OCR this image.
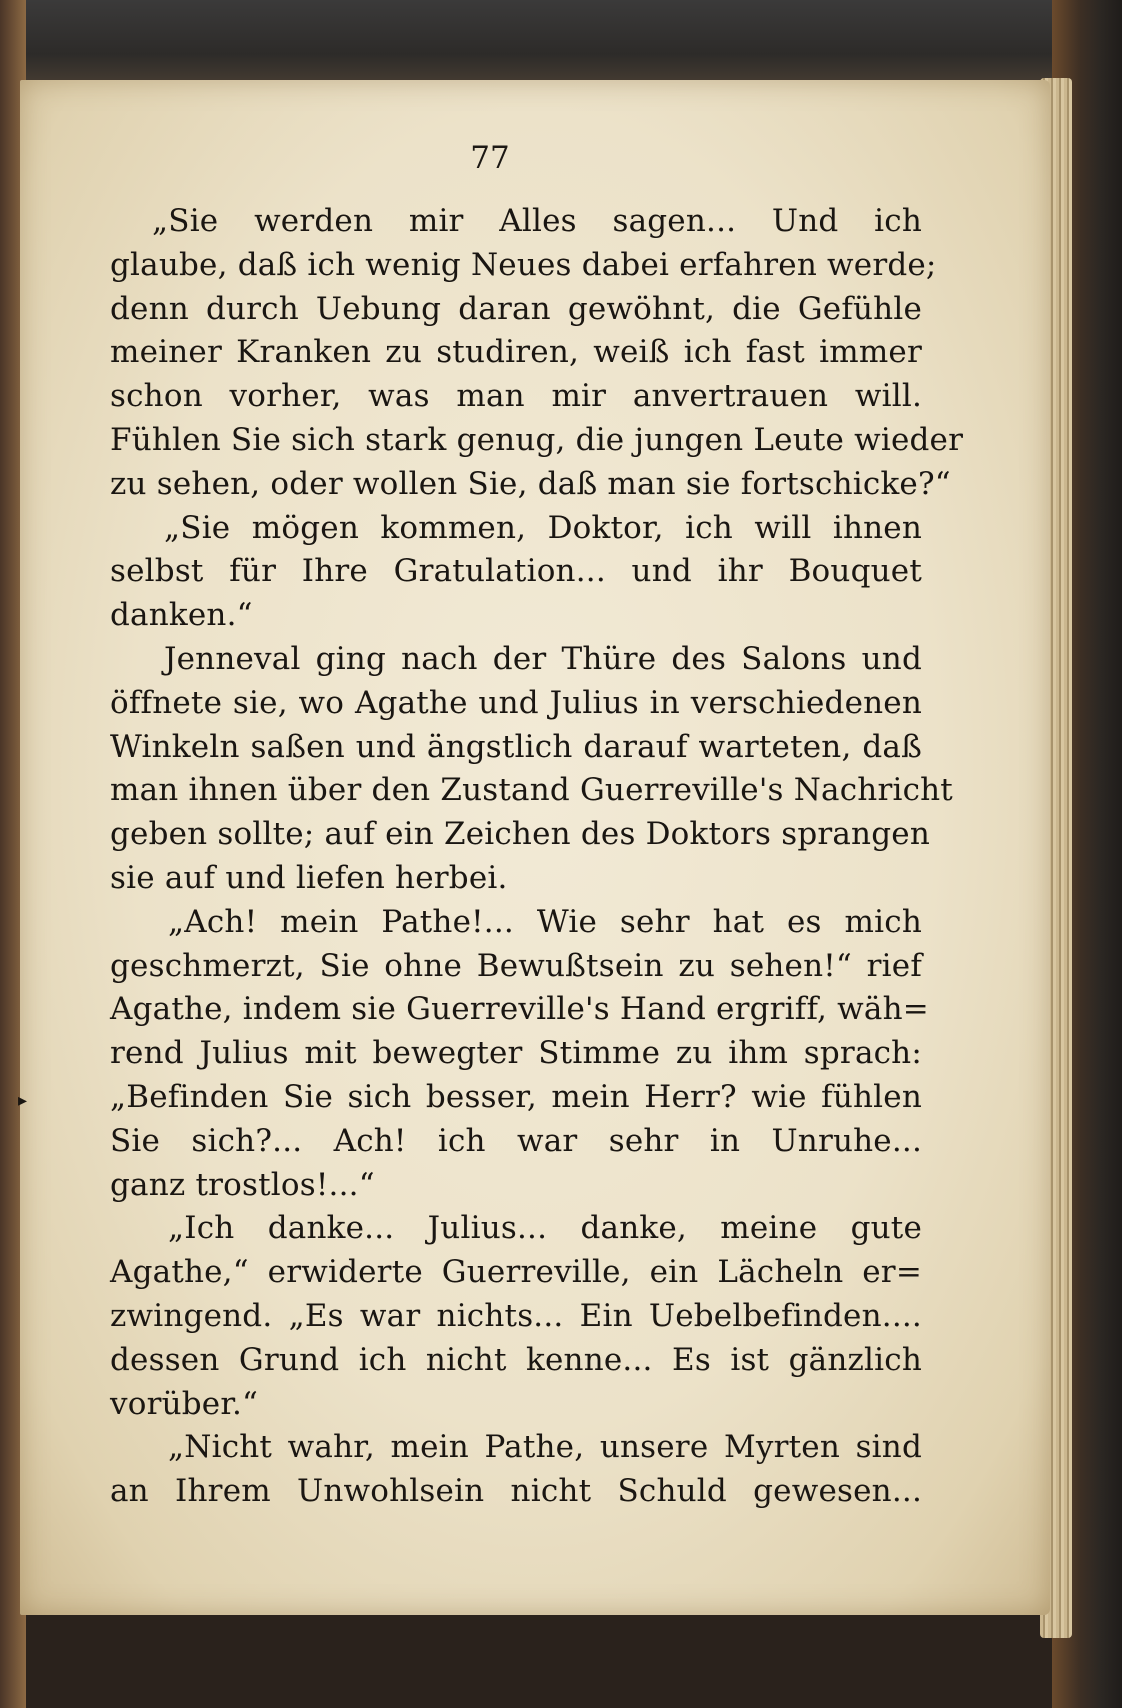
77
„Sie werden mir Alles sagen... Und ich
glaube, daß ich wenig Neues dabei erfahren werde;
denn durch Uebung daran gewöhnt, die Gefühle
meiner Kranken zu studiren, weiß ich fast immer
schon vorher, was man mir anvertrauen will.
Fühlen Sie sich stark genug, die jungen Leute wieder
zu sehen, oder wollen Sie, daß man sie fortschicke?“
„Sie mögen kommen, Doktor, ich will ihnen
selbst für Ihre Gratulation... und ihr Bouquet
danken.“
Jenneval ging nach der Thüre des Salons und
öffnete sie, wo Agathe und Julius in verschiedenen
Winkeln saßen und ängstlich darauf warteten, daß
man ihnen über den Zustand Guerreville's Nachricht
geben sollte; auf ein Zeichen des Doktors sprangen
sie auf und liefen herbei.
„Ach! mein Pathe!... Wie sehr hat es mich
geschmerzt, Sie ohne Bewußtsein zu sehen!“ rief
Agathe, indem sie Guerreville's Hand ergriff, wäh=
rend Julius mit bewegter Stimme zu ihm sprach:
„Befinden Sie sich besser, mein Herr? wie fühlen
Sie sich?... Ach! ich war sehr in Unruhe...
ganz trostlos!...“
„Ich danke... Julius... danke, meine gute
Agathe,“ erwiderte Guerreville, ein Lächeln er=
zwingend. „Es war nichts... Ein Uebelbefinden....
dessen Grund ich nicht kenne... Es ist gänzlich
vorüber.“
„Nicht wahr, mein Pathe, unsere Myrten sind
an Ihrem Unwohlsein nicht Schuld gewesen...
▸
